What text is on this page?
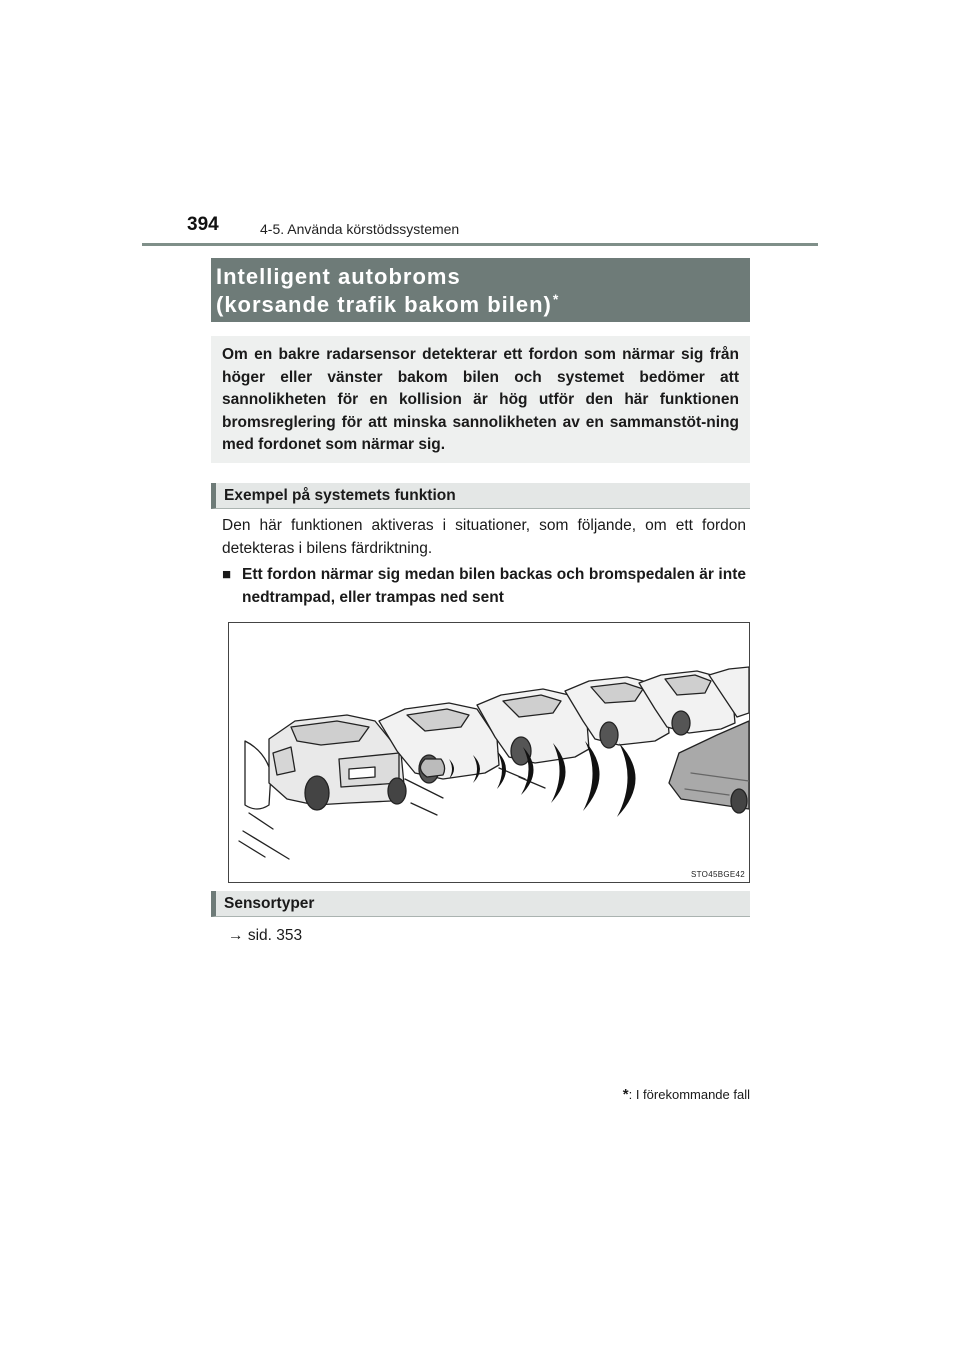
394	4-5. Använda körstödssystemen
Intelligent autobroms
(korsande trafik bakom bilen)*
Om en bakre radarsensor detekterar ett fordon som närmar sig från höger eller vänster bakom bilen och systemet bedömer att sannolikheten för en kollision är hög utför den här funktionen bromsreglering för att minska sannolikheten av en sammanstöt-ning med fordonet som närmar sig.
Exempel på systemets funktion
Den här funktionen aktiveras i situationer, som följande, om ett fordon detekteras i bilens färdriktning.
■ Ett fordon närmar sig medan bilen backas och bromspedalen är inte nedtrampad, eller trampas ned sent
STO45BGE42
Sensortyper
→ sid. 353
*: I förekommande fall
